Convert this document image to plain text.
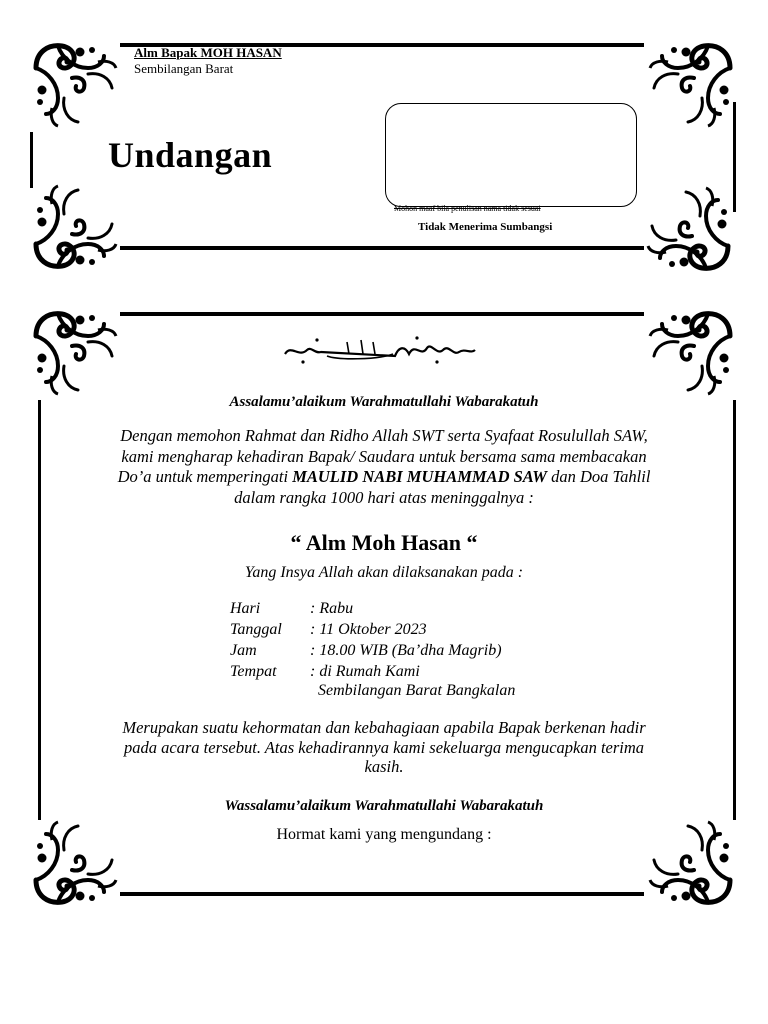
Alm Bapak MOH HASAN
Sembilangan Barat
Undangan
Mohon maaf bila penulisan nama tidak sesuai
Tidak Menerima Sumbangsi
Assalamu’alaikum Warahmatullahi Wabarakatuh
Dengan memohon Rahmat dan Ridho Allah SWT serta Syafaat Rosulullah SAW,
kami mengharap kehadiran Bapak/ Saudara untuk bersama sama membacakan
Do’a untuk memperingati MAULID NABI MUHAMMAD SAW dan Doa Tahlil
dalam rangka 1000 hari atas meninggalnya :
“ Alm Moh Hasan “
Yang Insya Allah akan dilaksanakan pada :
Hari	: Rabu
Tanggal : 11 Oktober 2023
Jam	: 18.00 WIB (Ba’dha Magrib)
Tempat : di Rumah Kami
Sembilangan Barat Bangkalan
Merupakan suatu kehormatan dan kebahagiaan apabila Bapak berkenan hadir
pada acara tersebut. Atas kehadirannya kami sekeluarga mengucapkan terima
kasih.
Wassalamu’alaikum Warahmatullahi Wabarakatuh
Hormat kami yang mengundang :
